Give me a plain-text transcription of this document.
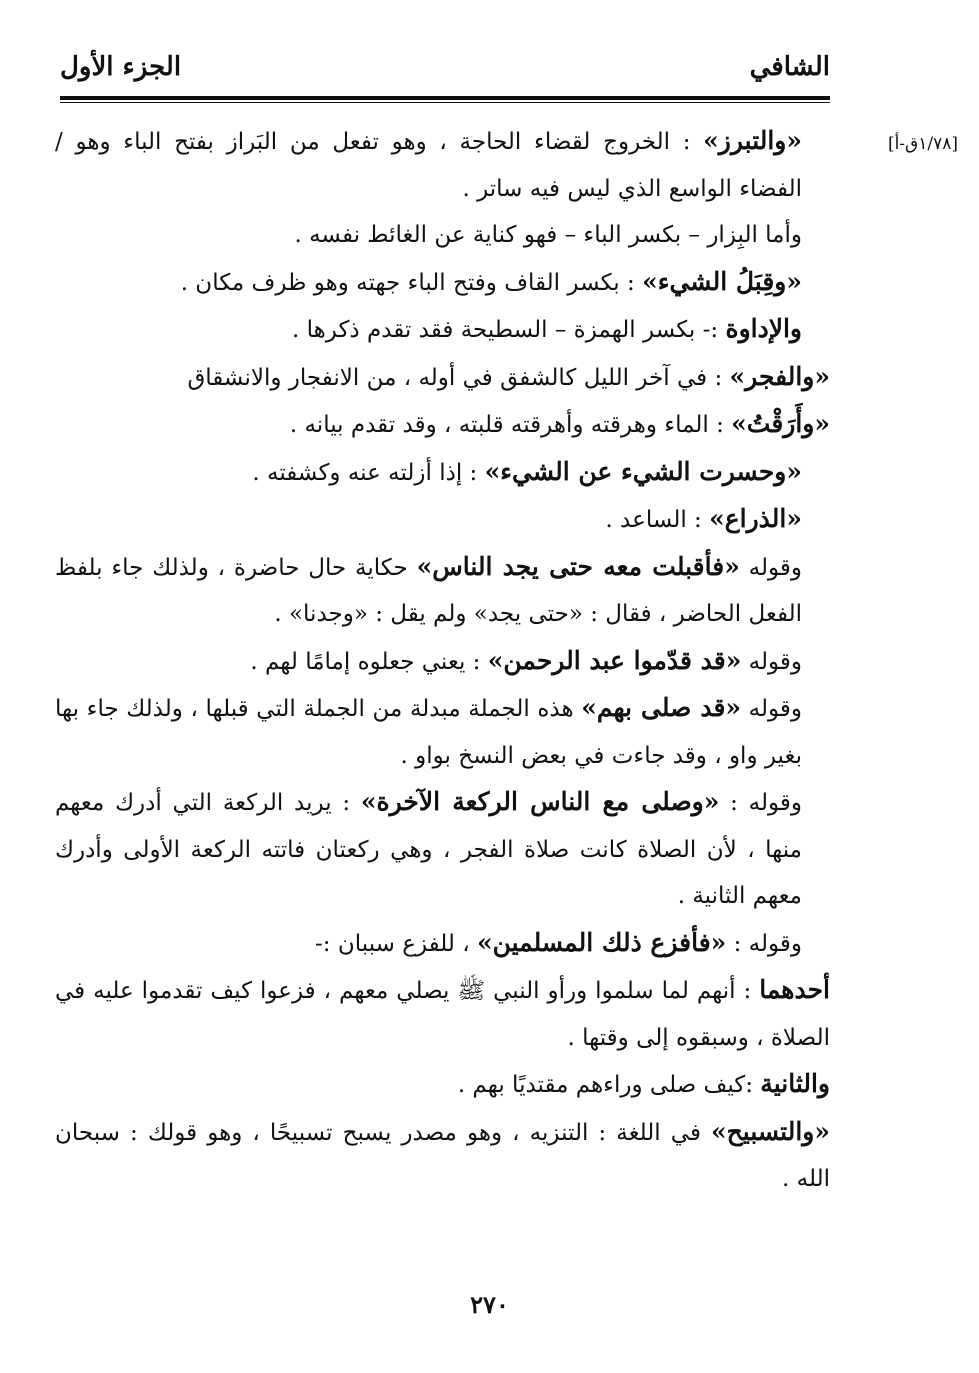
الشافي
الجزء الأول
[١/٧٨ق-أ]

«والتبرز» : الخروج لقضاء الحاجة ، وهو تفعل من البَراز بفتح الباء وهو / الفضاء الواسع الذي ليس فيه ساتر .

وأما البِزار – بكسر الباء – فهو كناية عن الغائط نفسه .

«وقِبَلُ الشيء» : بكسر القاف وفتح الباء جهته وهو ظرف مكان .

والإداوة :- بكسر الهمزة – السطيحة فقد تقدم ذكرها .

«والفجر» : في آخر الليل كالشفق في أوله ، من الانفجار والانشقاق

«وأَرَقْتُ» : الماء وهرقته وأهرقته قلبته ، وقد تقدم بيانه .

«وحسرت الشيء عن الشيء» : إذا أزلته عنه وكشفته .

«الذراع» : الساعد .

وقوله «فأقبلت معه حتى يجد الناس» حكاية حال حاضرة ، ولذلك جاء بلفظ الفعل الحاضر ، فقال : «حتى يجد» ولم يقل : «وجدنا» .

وقوله «قد قدّموا عبد الرحمن» : يعني جعلوه إمامًا لهم .

وقوله «قد صلى بهم» هذه الجملة مبدلة من الجملة التي قبلها ، ولذلك جاء بها بغير واو ، وقد جاءت في بعض النسخ بواو .

وقوله : «وصلى مع الناس الركعة الآخرة» : يريد الركعة التي أدرك معهم منها ، لأن الصلاة كانت صلاة الفجر ، وهي ركعتان فاتته الركعة الأولى وأدرك معهم الثانية .

وقوله : «فأفزع ذلك المسلمين» ، للفزع سببان :-

أحدهما : أنهم لما سلموا ورأو النبي ﷺ يصلي معهم ، فزعوا كيف تقدموا عليه في الصلاة ، وسبقوه إلى وقتها .

والثانية :كيف صلى وراءهم مقتديًا بهم .

«والتسبيح» في اللغة : التنزيه ، وهو مصدر يسبح تسبيحًا ، وهو قولك : سبحان الله .

٢٧٠
